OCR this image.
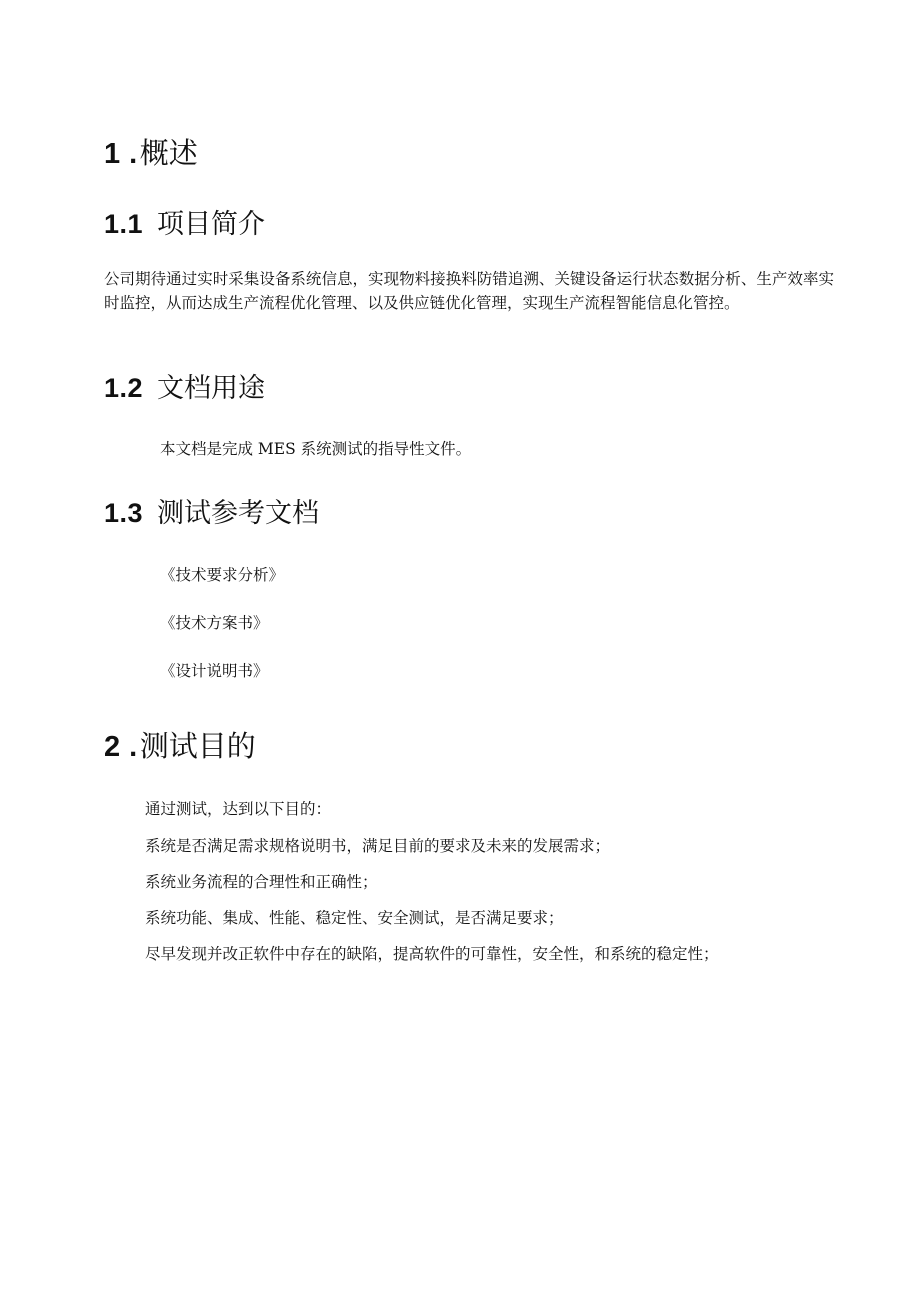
1 .概述
1.1 项目简介
公司期待通过实时采集设备系统信息，实现物料接换料防错追溯、关键设备运行状态数据分析、生产效率实时监控，从而达成生产流程优化管理、以及供应链优化管理，实现生产流程智能信息化管控。
1.2 文档用途
本文档是完成 MES 系统测试的指导性文件。
1.3 测试参考文档
《技术要求分析》
《技术方案书》
《设计说明书》
2 .测试目的
通过测试，达到以下目的：
系统是否满足需求规格说明书，满足目前的要求及未来的发展需求；
系统业务流程的合理性和正确性；
系统功能、集成、性能、稳定性、安全测试，是否满足要求；
尽早发现并改正软件中存在的缺陷，提高软件的可靠性，安全性，和系统的稳定性；
